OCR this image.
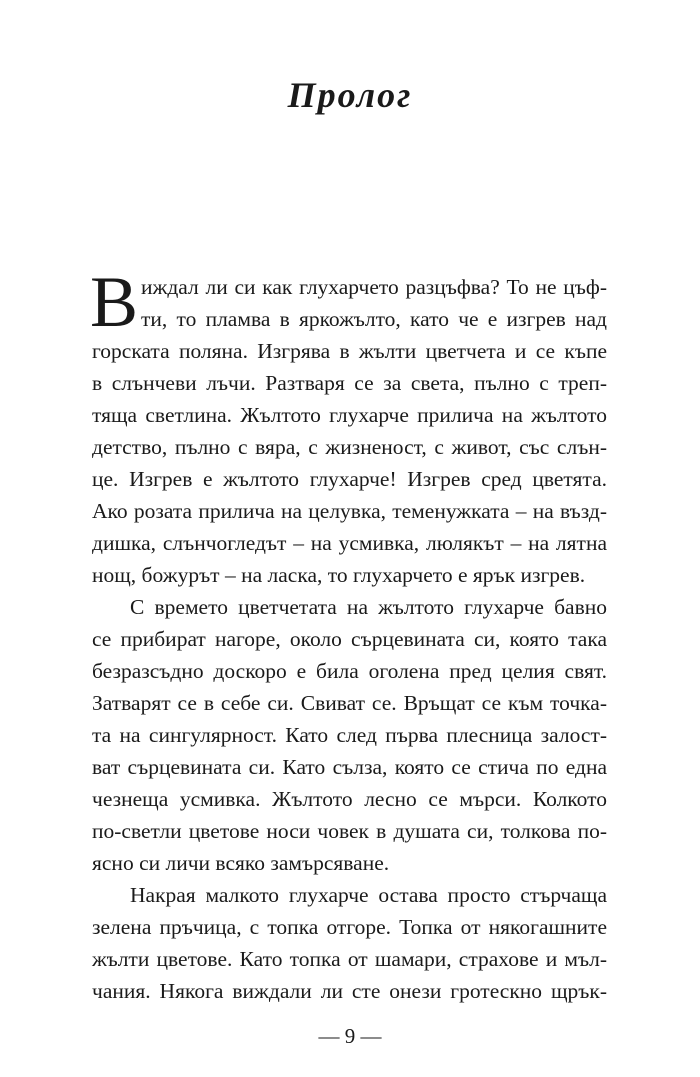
Пролог
В иждал ли си как глухарчето разцъфва? То не цъф-
ти, то пламва в яркожълто, като че е изгрев над
горската поляна. Изгрява в жълти цветчета и се къпе
в слънчеви лъчи. Разтваря се за света, пълно с треп-
тяща светлина. Жълтото глухарче прилича на жълтото
детство, пълно с вяра, с жизненост, с живот, със слън-
це. Изгрев е жълтото глухарче! Изгрев сред цветята.
Ако розата прилича на целувка, теменужката – на възд-
дишка, слънчогледът – на усмивка, люлякът – на лятна
нощ, божурът – на ласка, то глухарчето е ярък изгрев.
С времето цветчетата на жълтото глухарче бавно
се прибират нагоре, около сърцевината си, която така
безразсъдно доскоро е била оголена пред целия свят.
Затварят се в себе си. Свиват се. Връщат се към точка-
та на сингулярност. Като след първа плесница залост-
ват сърцевината си. Като сълза, която се стича по една
чезнеща усмивка. Жълтото лесно се мърси. Колкото
по-светли цветове носи човек в душата си, толкова по-
ясно си личи всяко замърсяване.
Накрая малкото глухарче остава просто стърчаща
зелена пръчица, с топка отгоре. Топка от някогашните
жълти цветове. Като топка от шамари, страхове и мъл-
чания. Някога виждали ли сте онези гротескно щрък-
— 9 —
